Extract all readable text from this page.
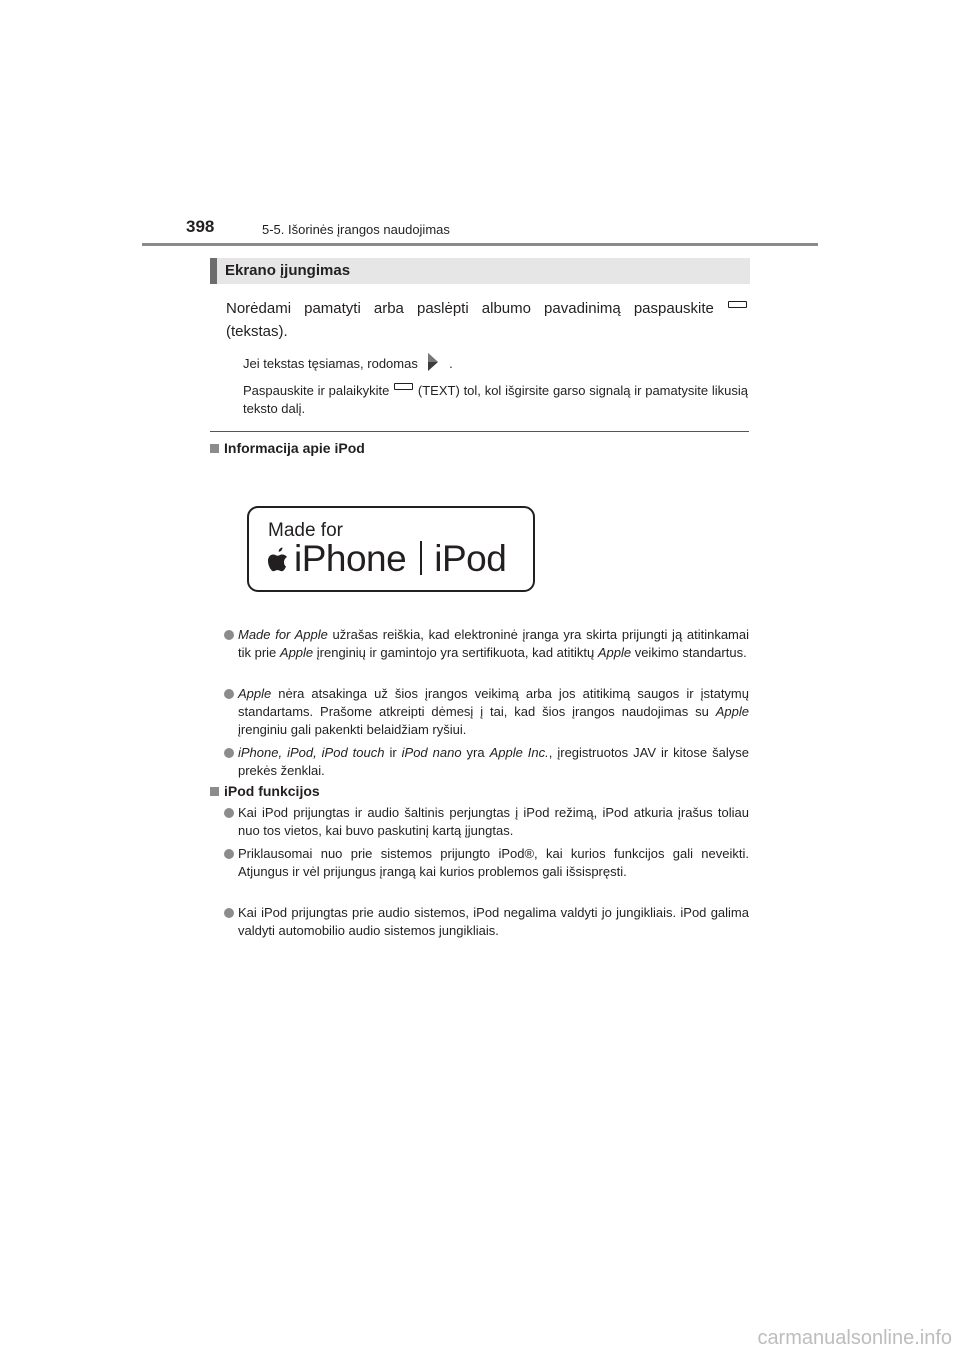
398	5-5. Išorinės įrangos naudojimas
Ekrano įjungimas
Norėdami pamatyti arba paslėpti albumo pavadinimą paspauskite  (tekstas).
Jei tekstas tęsiamas, rodomas .
Paspauskite ir palaikykite (TEXT) tol, kol išgirsite garso signalą ir pamatysite likusią teksto dalį.
Informacija apie iPod
Made for
iPhone iPod
Made for Apple užrašas reiškia, kad elektroninė įranga yra skirta prijungti ją atitinkamai tik prie Apple įrenginių ir gamintojo yra sertifikuota, kad atitiktų Apple veikimo standartus.
Apple nėra atsakinga už šios įrangos veikimą arba jos atitikimą saugos ir įstatymų standartams. Prašome atkreipti dėmesį į tai, kad šios įrangos naudojimas su Apple įrenginiu gali pakenkti belaidžiam ryšiui.
iPhone, iPod, iPod touch ir iPod nano yra Apple Inc., įregistruotos JAV ir kitose šalyse prekės ženklai.
iPod funkcijos
Kai iPod prijungtas ir audio šaltinis perjungtas į iPod režimą, iPod atkuria įrašus toliau nuo tos vietos, kai buvo paskutinį kartą įjungtas.
Priklausomai nuo prie sistemos prijungto iPod®, kai kurios funkcijos gali neveikti. Atjungus ir vėl prijungus įrangą kai kurios problemos gali išsispręsti.
Kai iPod prijungtas prie audio sistemos, iPod negalima valdyti jo jungikliais. iPod galima valdyti automobilio audio sistemos jungikliais.
carmanualsonline.info
